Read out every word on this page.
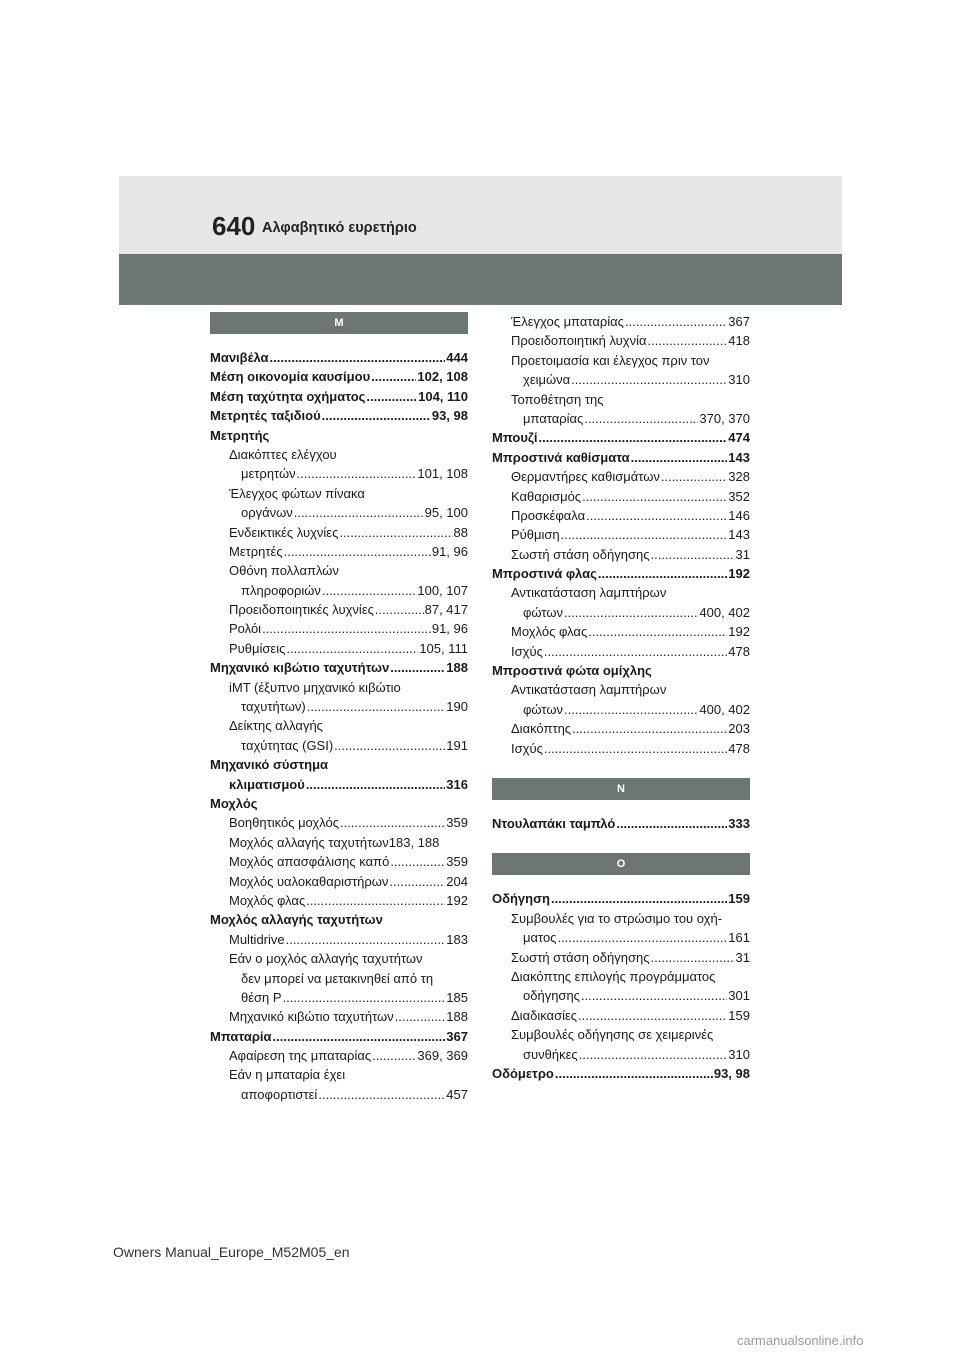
640 Αλφαβητικό ευρετήριο
M
Μανιβέλα .....	444
Μέση οικονομία καυσίμου .....	102, 108
Μέση ταχύτητα οχήματος .....	104, 110
Μετρητές ταξιδιού .....	93, 98
Μετρητής
Διακόπτες ελέγχου
μετρητών .....	101, 108
Έλεγχος φώτων πίνακα
οργάνων .....	95, 100
Ενδεικτικές λυχνίες .....	88
Μετρητές .....	91, 96
Οθόνη πολλαπλών
πληροφοριών .....	100, 107
Προειδοποιητικές λυχνίες .....	87, 417
Ρολόι .....	91, 96
Ρυθμίσεις .....	105, 111
Μηχανικό κιβώτιο ταχυτήτων .....	188
iMT (έξυπνο μηχανικό κιβώτιο
ταχυτήτων) .....	190
Δείκτης αλλαγής
ταχύτητας (GSI) .....	191
Μηχανικό σύστημα
κλιματισμού .....	316
Μοχλός
Βοηθητικός μοχλός .....	359
Μοχλός αλλαγής ταχυτήτων 183, 188
Μοχλός απασφάλισης καπό .....	359
Μοχλός υαλοκαθαριστήρων .....	204
Μοχλός φλας .....	192
Μοχλός αλλαγής ταχυτήτων
Multidrive .....	183
Εάν ο μοχλός αλλαγής ταχυτήτων
δεν μπορεί να μετακινηθεί από τη
θέση P .....	185
Μηχανικό κιβώτιο ταχυτήτων .....	188
Μπαταρία .....	367
Αφαίρεση της μπαταρίας .....	369, 369
Εάν η μπαταρία έχει
αποφορτιστεί .....	457
Έλεγχος μπαταρίας .....	367
Προειδοποιητική λυχνία .....	418
Προετοιμασία και έλεγχος πριν τον
χειμώνα .....	310
Τοποθέτηση της
μπαταρίας .....	370, 370
Μπουζί .....	474
Μπροστινά καθίσματα .....	143
Θερμαντήρες καθισμάτων .....	328
Καθαρισμός .....	352
Προσκέφαλα .....	146
Ρύθμιση .....	143
Σωστή στάση οδήγησης .....	31
Μπροστινά φλας .....	192
Αντικατάσταση λαμπτήρων
φώτων .....	400, 402
Μοχλός φλας .....	192
Ισχύς .....	478
Μπροστινά φώτα ομίχλης
Αντικατάσταση λαμπτήρων
φώτων .....	400, 402
Διακόπτης .....	203
Ισχύς .....	478
N
Ντουλαπάκι ταμπλό .....	333
O
Οδήγηση .....	159
Συμβουλές για το στρώσιμο του οχή-
ματος .....	161
Σωστή στάση οδήγησης .....	31
Διακόπτης επιλογής προγράμματος
οδήγησης .....	301
Διαδικασίες .....	159
Συμβουλές οδήγησης σε χειμερινές
συνθήκες .....	310
Οδόμετρο .....	93, 98
Owners Manual_Europe_M52M05_en
carmanualsonline.info
